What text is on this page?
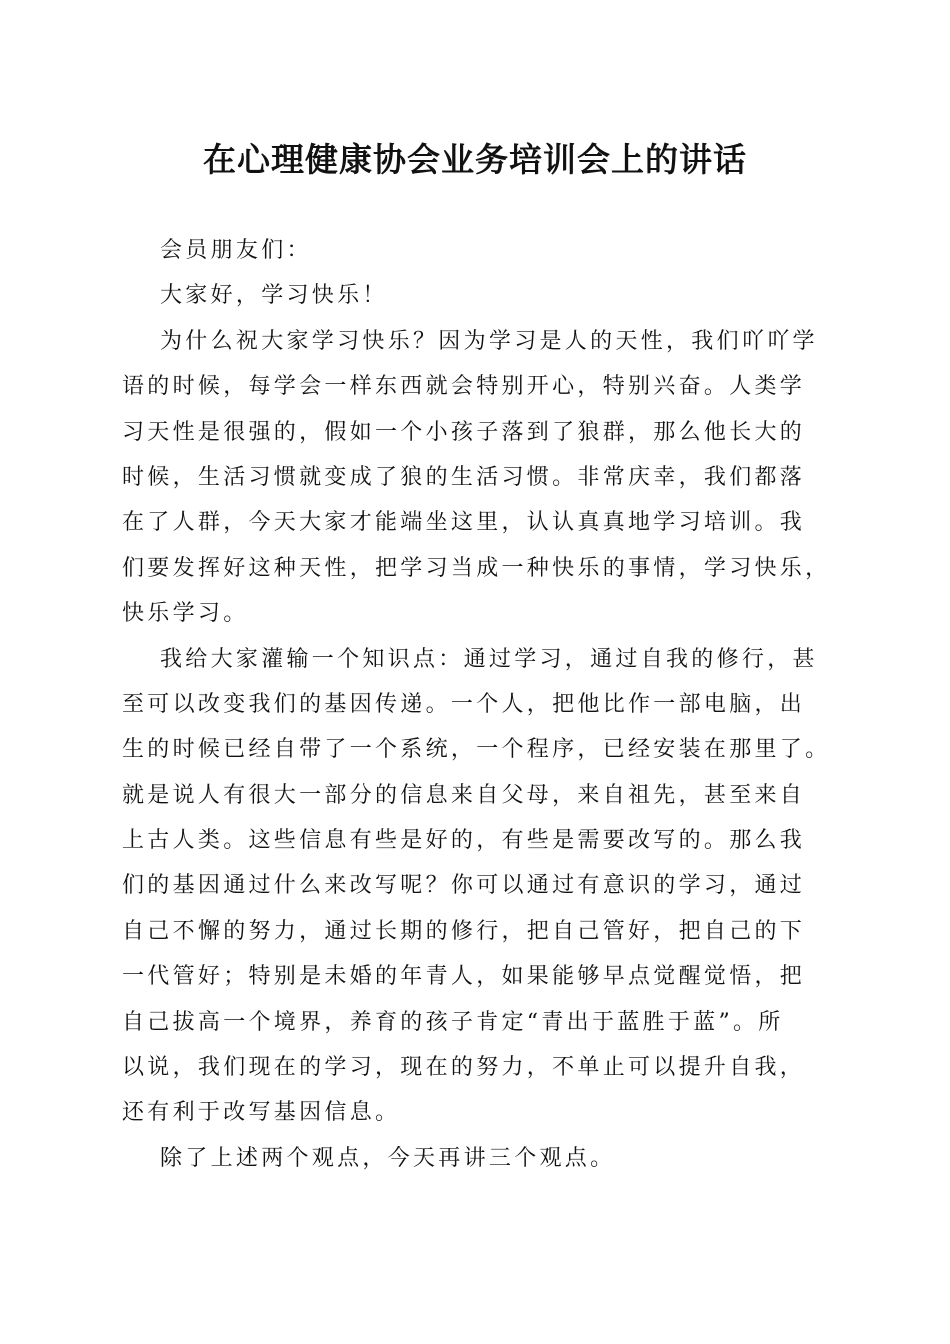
在心理健康协会业务培训会上的讲话
会员朋友们：
大家好，学习快乐！
为什么祝大家学习快乐？因为学习是人的天性，我们吖吖学
语的时候，每学会一样东西就会特别开心，特别兴奋。人类学
习天性是很强的，假如一个小孩子落到了狼群，那么他长大的
时候，生活习惯就变成了狼的生活习惯。非常庆幸，我们都落
在了人群，今天大家才能端坐这里，认认真真地学习培训。我
们要发挥好这种天性，把学习当成一种快乐的事情，学习快乐，
快乐学习。
我给大家灌输一个知识点：通过学习，通过自我的修行，甚
至可以改变我们的基因传递。一个人，把他比作一部电脑，出
生的时候已经自带了一个系统，一个程序，已经安装在那里了。
就是说人有很大一部分的信息来自父母，来自祖先，甚至来自
上古人类。这些信息有些是好的，有些是需要改写的。那么我
们的基因通过什么来改写呢？你可以通过有意识的学习，通过
自己不懈的努力，通过长期的修行，把自己管好，把自己的下
一代管好；特别是未婚的年青人，如果能够早点觉醒觉悟，把
自己拔高一个境界，养育的孩子肯定“青出于蓝胜于蓝”。所
以说，我们现在的学习，现在的努力，不单止可以提升自我，
还有利于改写基因信息。
除了上述两个观点，今天再讲三个观点。
